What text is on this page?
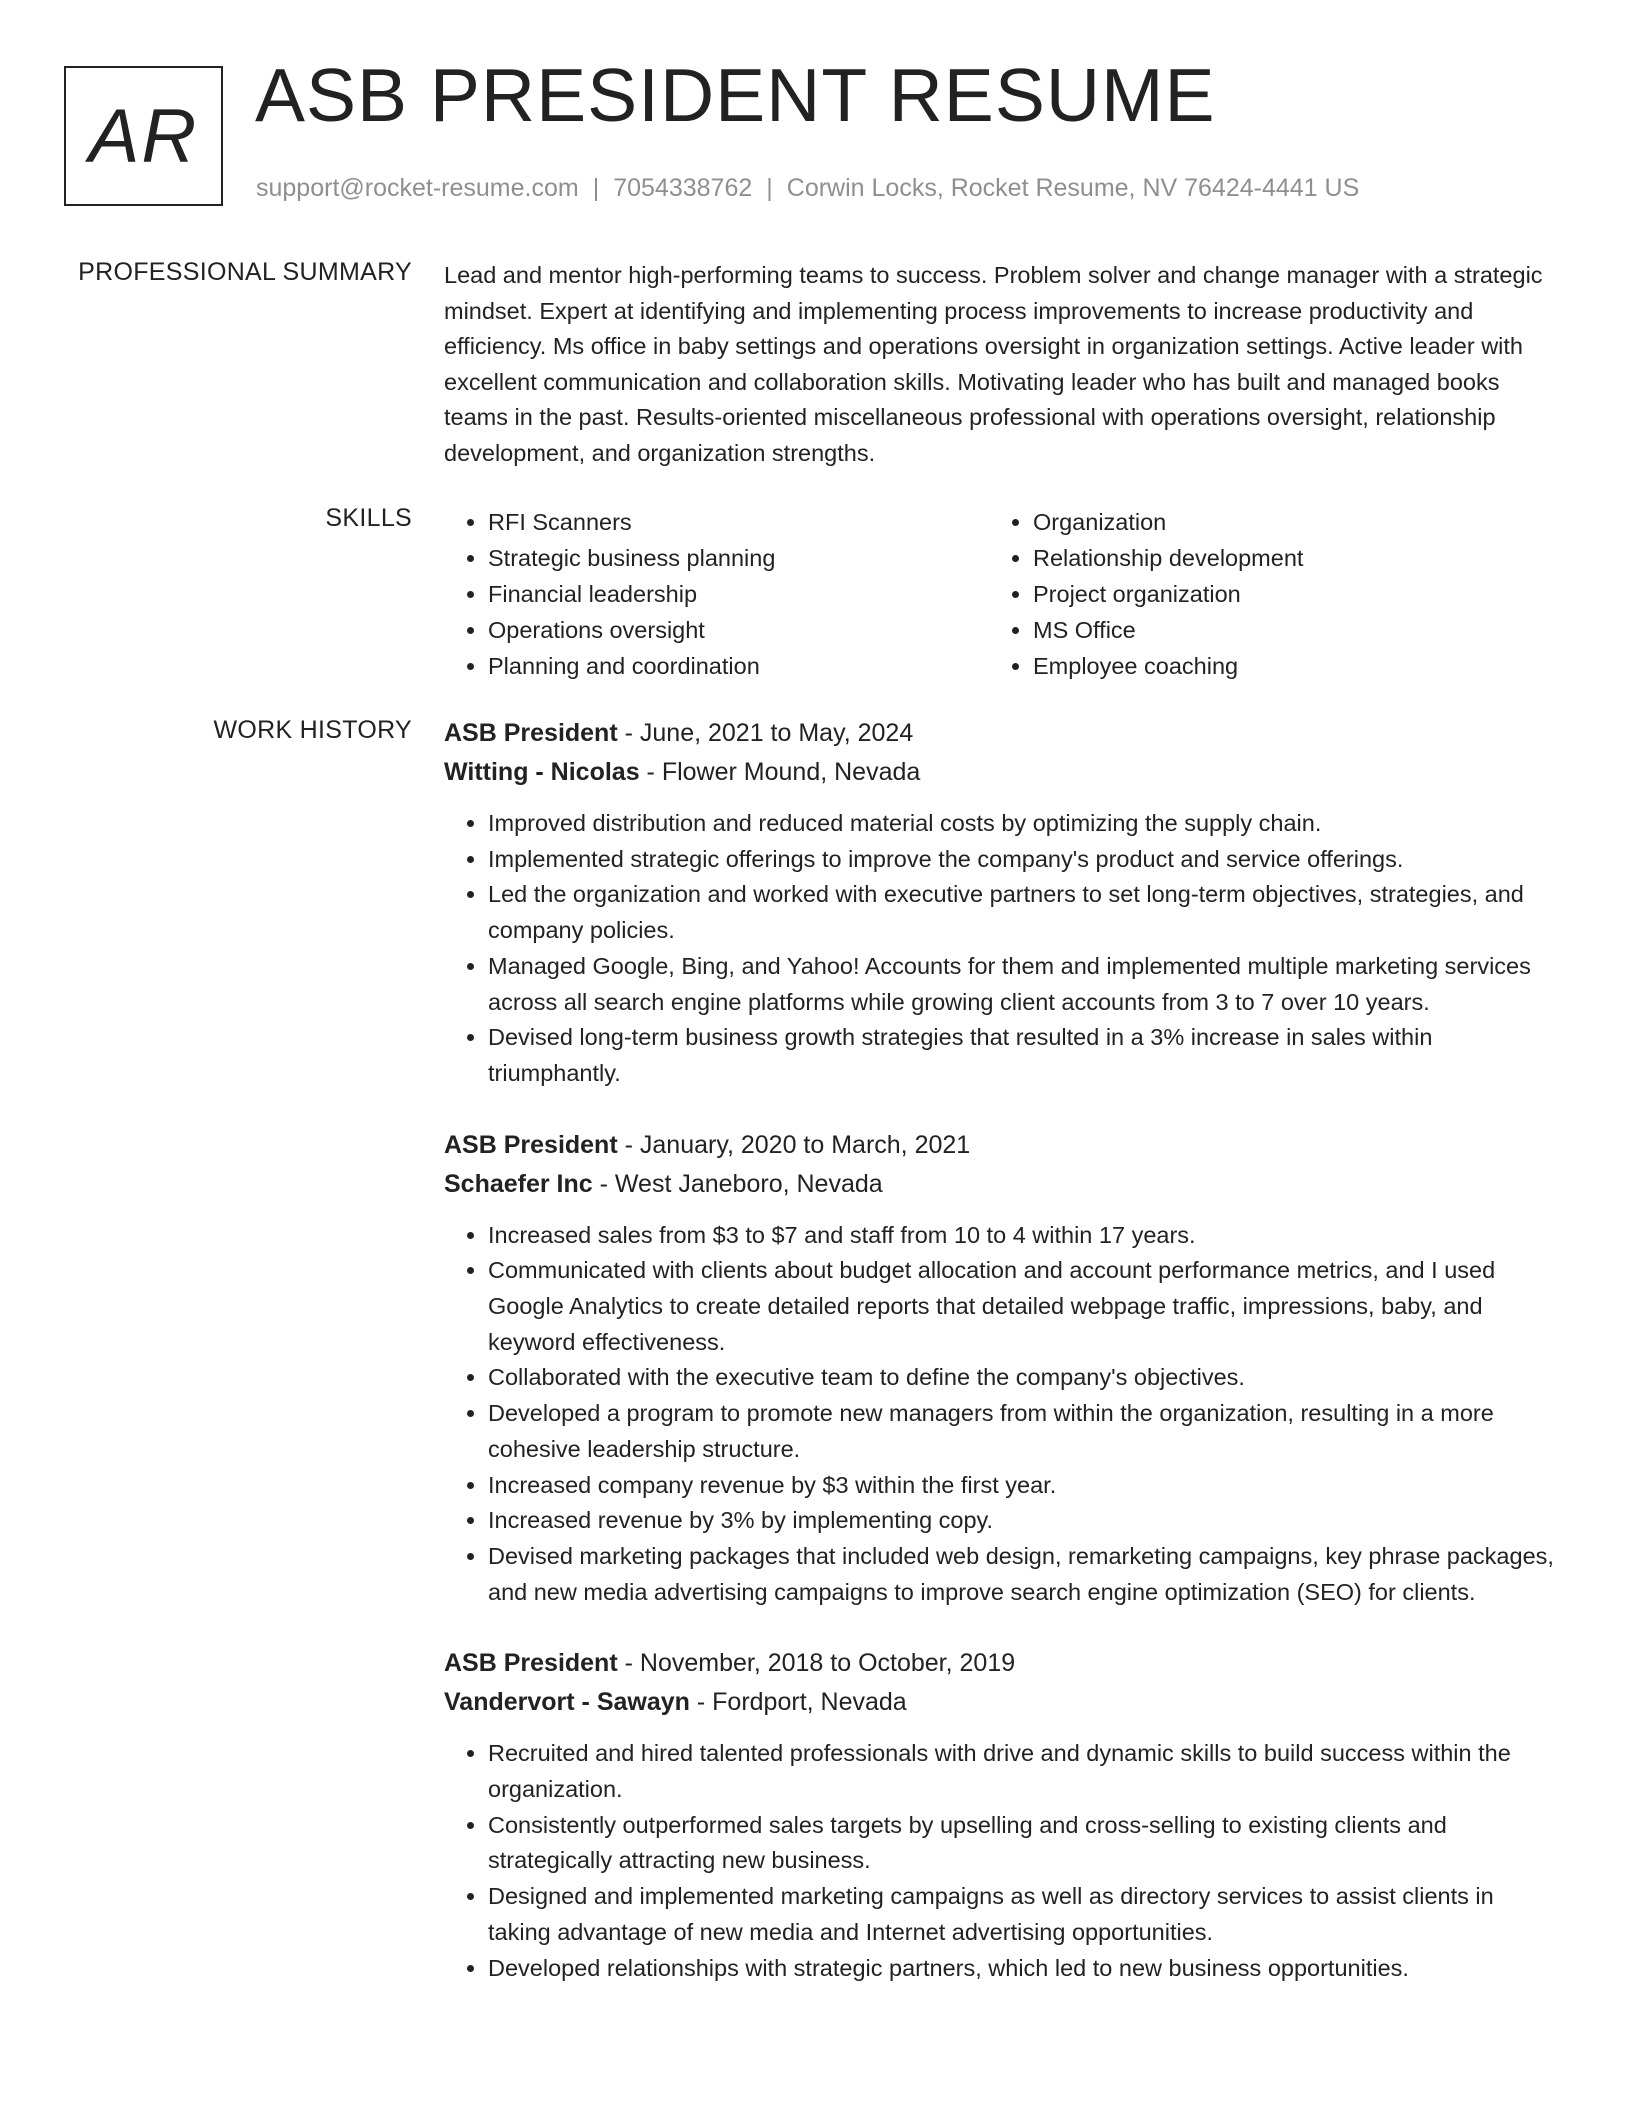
AR ASB PRESIDENT RESUME
support@rocket-resume.com | 7054338762 | Corwin Locks, Rocket Resume, NV 76424-4441 US
PROFESSIONAL SUMMARY Lead and mentor high-performing teams to success. Problem solver and change manager with a strategic mindset. Expert at identifying and implementing process improvements to increase productivity and efficiency. Ms office in baby settings and operations oversight in organization settings. Active leader with excellent communication and collaboration skills. Motivating leader who has built and managed books teams in the past. Results-oriented miscellaneous professional with operations oversight, relationship development, and organization strengths.

SKILLS
•	RFI Scanners
• Strategic business planning
• Financial leadership
• Operations oversight
• Planning and coordination
• Organization
• Relationship development
• Project organization
• MS Office
• Employee coaching
WORK HISTORY ASB President - June, 2021 to May, 2024
Witting - Nicolas - Flower Mound, Nevada
• Improved distribution and reduced material costs by optimizing the supply chain.
• Implemented strategic offerings to improve the company's product and service offerings.
• Led the organization and worked with executive partners to set long-term objectives, strategies, and company policies.
• Managed Google, Bing, and Yahoo! Accounts for them and implemented multiple marketing services across all search engine platforms while growing client accounts from 3 to 7 over 10 years.
• Devised long-term business growth strategies that resulted in a 3% increase in sales within triumphantly.
ASB President - January, 2020 to March, 2021
Schaefer Inc - West Janeboro, Nevada
• Increased sales from $3 to $7 and staff from 10 to 4 within 17 years.
• Communicated with clients about budget allocation and account performance metrics, and I used Google Analytics to create detailed reports that detailed webpage traffic, impressions, baby, and keyword effectiveness.
• Collaborated with the executive team to define the company's objectives.
• Developed a program to promote new managers from within the organization, resulting in a more cohesive leadership structure.
• Increased company revenue by $3 within the first year.
• Increased revenue by 3% by implementing copy.
• Devised marketing packages that included web design, remarketing campaigns, key phrase packages, and new media advertising campaigns to improve search engine optimization (SEO) for clients.
ASB President - November, 2018 to October, 2019
Vandervort - Sawayn - Fordport, Nevada
• Recruited and hired talented professionals with drive and dynamic skills to build success within the organization.
• Consistently outperformed sales targets by upselling and cross-selling to existing clients and strategically attracting new business.
• Designed and implemented marketing campaigns as well as directory services to assist clients in taking advantage of new media and Internet advertising opportunities.
• Developed relationships with strategic partners, which led to new business opportunities.
